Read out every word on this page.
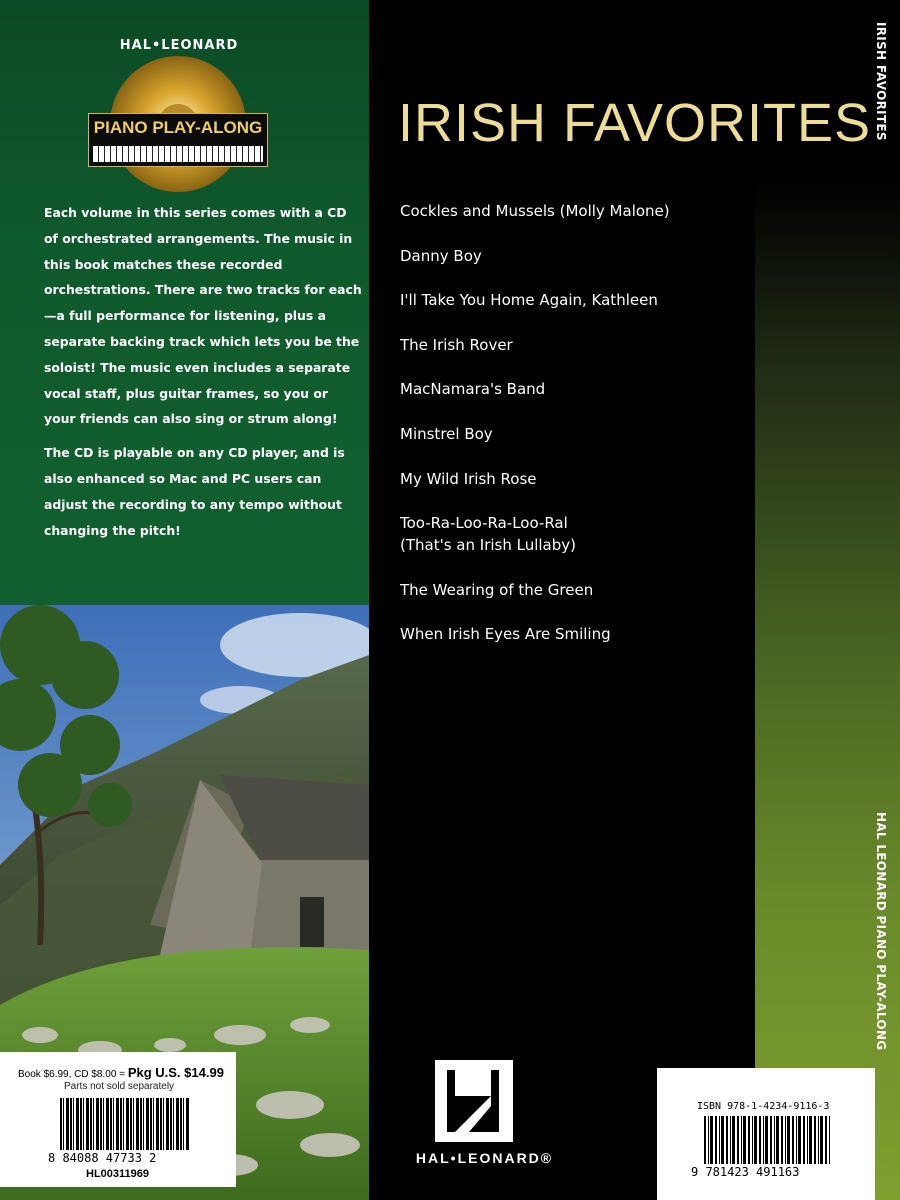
HAL•LEONARD
PIANO PLAY-ALONG

Each volume in this series comes with a CD of orchestrated arrangements. The music in this book matches these recorded orchestrations. There are two tracks for each—a full performance for listening, plus a separate backing track which lets you be the soloist! The music even includes a separate vocal staff, plus guitar frames, so you or your friends can also sing or strum along!

The CD is playable on any CD player, and is also enhanced so Mac and PC users can adjust the recording to any tempo without changing the pitch!

IRISH FAVORITES
Cockles and Mussels (Molly Malone)
Danny Boy
I'll Take You Home Again, Kathleen
The Irish Rover
MacNamara's Band
Minstrel Boy
My Wild Irish Rose
Too-Ra-Loo-Ra-Loo-Ral
(That's an Irish Lullaby)
The Wearing of the Green
When Irish Eyes Are Smiling
IRISH FAVORITES
HAL LEONARD PIANO PLAY-ALONG
HAL•LEONARD®
Book $6.99, CD $8.00 = Pkg U.S. $14.99
Parts not sold separately
8 84088 47733 2
HL00311969
ISBN 978-1-4234-9116-3
9 781423 491163
